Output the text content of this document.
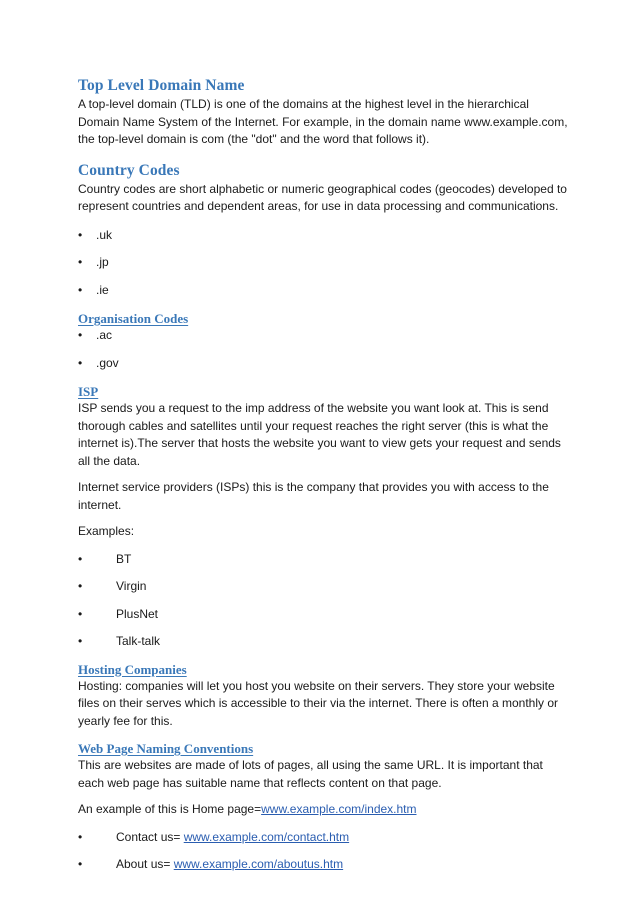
Top Level Domain Name

A top-level domain (TLD) is one of the domains at the highest level in the hierarchical Domain Name System of the Internet. For example, in the domain name www.example.com, the top-level domain is com (the "dot" and the word that follows it).

Country Codes

Country codes are short alphabetic or numeric geographical codes (geocodes) developed to represent countries and dependent areas, for use in data processing and communications.

•	.uk
•	.jp
•	.ie
Organisation Codes
•	.ac
•	.gov
ISP

ISP sends you a request to the imp address of the website you want look at. This is send thorough cables and satellites until your request reaches the right server (this is what the internet is).The server that hosts the website you want to view gets your request and sends all the data.

Internet service providers (ISPs) this is the company that provides you with access to the internet.

Examples:

•	BT
•	Virgin
•	PlusNet
•	Talk-talk
Hosting Companies

Hosting: companies will let you host you website on their servers. They store your website files on their serves which is accessible to their via the internet. There is often a monthly or yearly fee for this.

Web Page Naming Conventions

This are websites are made of lots of pages, all using the same URL. It is important that each web page has suitable name that reflects content on that page.

An example of this is Home page=www.example.com/index.htm

•	Contact us= www.example.com/contact.htm
•	About us= www.example.com/aboutus.htm
